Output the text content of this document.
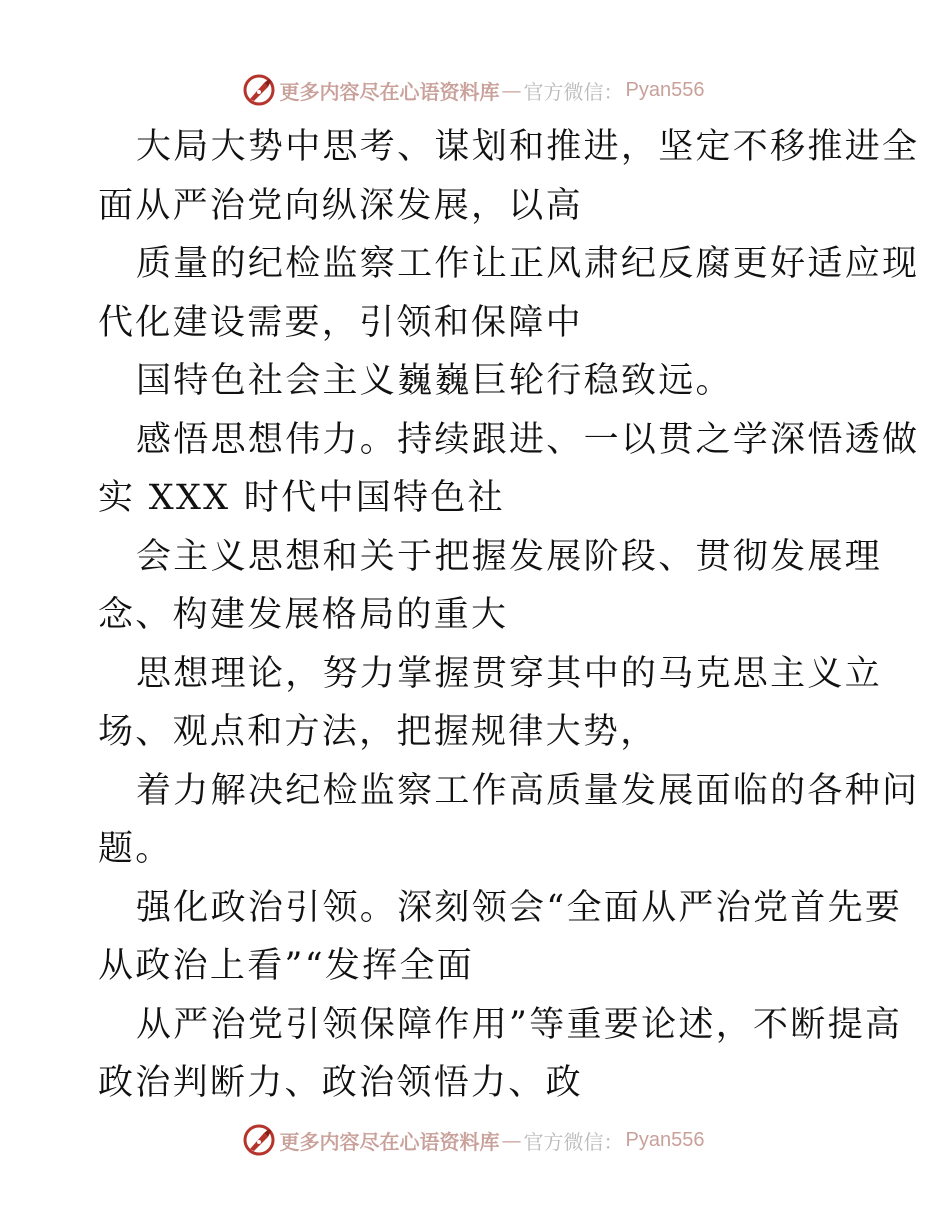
更多内容尽在心语资料库 — 官方微信： Pyan556
大局大势中思考、谋划和推进，坚定不移推进全
面从严治党向纵深发展，以高
质量的纪检监察工作让正风肃纪反腐更好适应现
代化建设需要，引领和保障中
国特色社会主义巍巍巨轮行稳致远。
感悟思想伟力。持续跟进、一以贯之学深悟透做
实 XXX 时代中国特色社
会主义思想和关于把握发展阶段、贯彻发展理
念、构建发展格局的重大
思想理论，努力掌握贯穿其中的马克思主义立
场、观点和方法，把握规律大势，
着力解决纪检监察工作高质量发展面临的各种问
题。
强化政治引领。深刻领会“全面从严治党首先要
从政治上看”“发挥全面
从严治党引领保障作用”等重要论述，不断提高
政治判断力、政治领悟力、政
更多内容尽在心语资料库 — 官方微信： Pyan556
